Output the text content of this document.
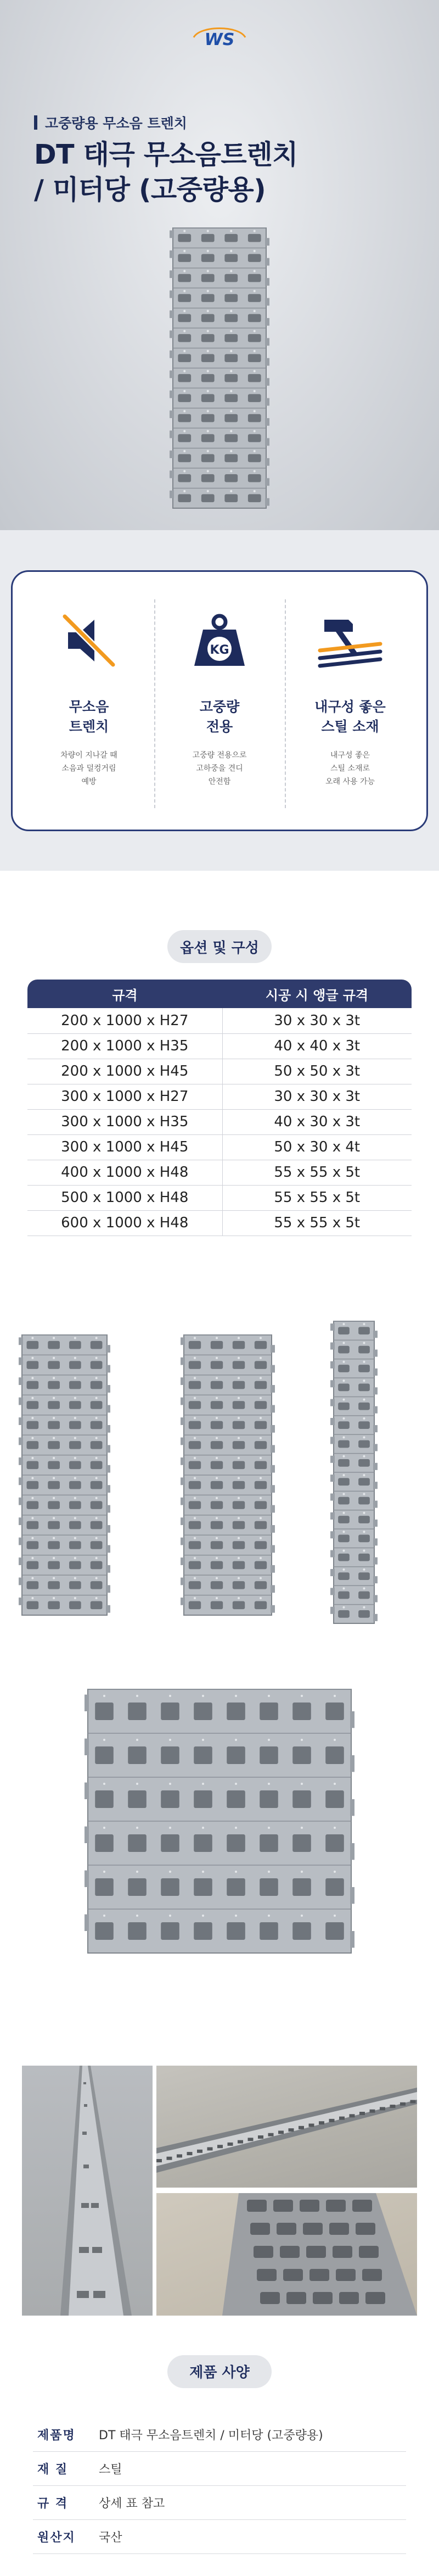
WS
고중량용 무소음 트렌치
DT 태극 무소음트렌치
/ 미터당 (고중량용)
무소음
트렌치
차량이 지나갈 때
소음과 덜컹거림
예방
KG
고중량
전용
고중량 전용으로
고하중을 견디
안전함
내구성 좋은
스틸 소재
내구성 좋은
스틸 소재로
오래 사용 가능
옵션 및 구성
규격	시공 시 앵글 규격
200 x 1000 x H27	30 x 30 x 3t
200 x 1000 x H35	40 x 40 x 3t
200 x 1000 x H45	50 x 50 x 3t
300 x 1000 x H27	30 x 30 x 3t
300 x 1000 x H35	40 x 30 x 3t
300 x 1000 x H45	50 x 30 x 4t
400 x 1000 x H48	55 x 55 x 5t
500 x 1000 x H48	55 x 55 x 5t
600 x 1000 x H48	55 x 55 x 5t
제품 사양
제품명	DT 태극 무소음트렌치 / 미터당 (고중량용)
재 질	스틸
규 격	상세 표 참고
원산지	국산
